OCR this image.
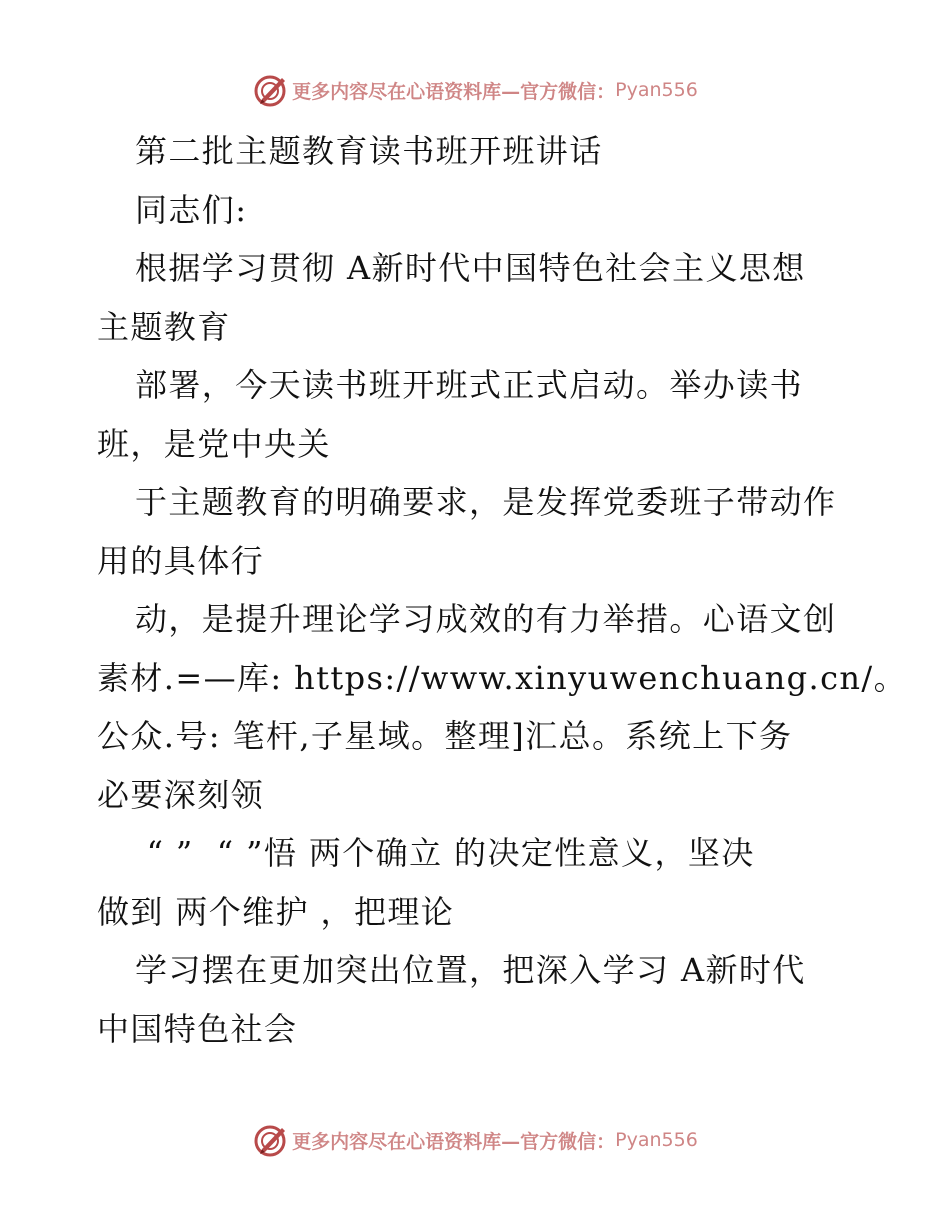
更多内容尽在心语资料库—官方微信： Pyan556
第二批主题教育读书班开班讲话
同志们:
根据学习贯彻 A新时代中国特色社会主义思想
主题教育
部署，今天读书班开班式正式启动。举办读书
班，是党中央关
于主题教育的明确要求，是发挥党委班子带动作
用的具体行
动，是提升理论学习成效的有力举措。心语文创
素材.=—库: https://www.xinyuwenchuang.cn/。
公众.号: 笔杆,子星域。整理]汇总。系统上下务
必要深刻领
“ ”  “ ”悟 两个确立 的决定性意义，坚决
做到 两个维护 ，把理论
学习摆在更加突出位置，把深入学习 A新时代
中国特色社会
更多内容尽在心语资料库—官方微信： Pyan556
